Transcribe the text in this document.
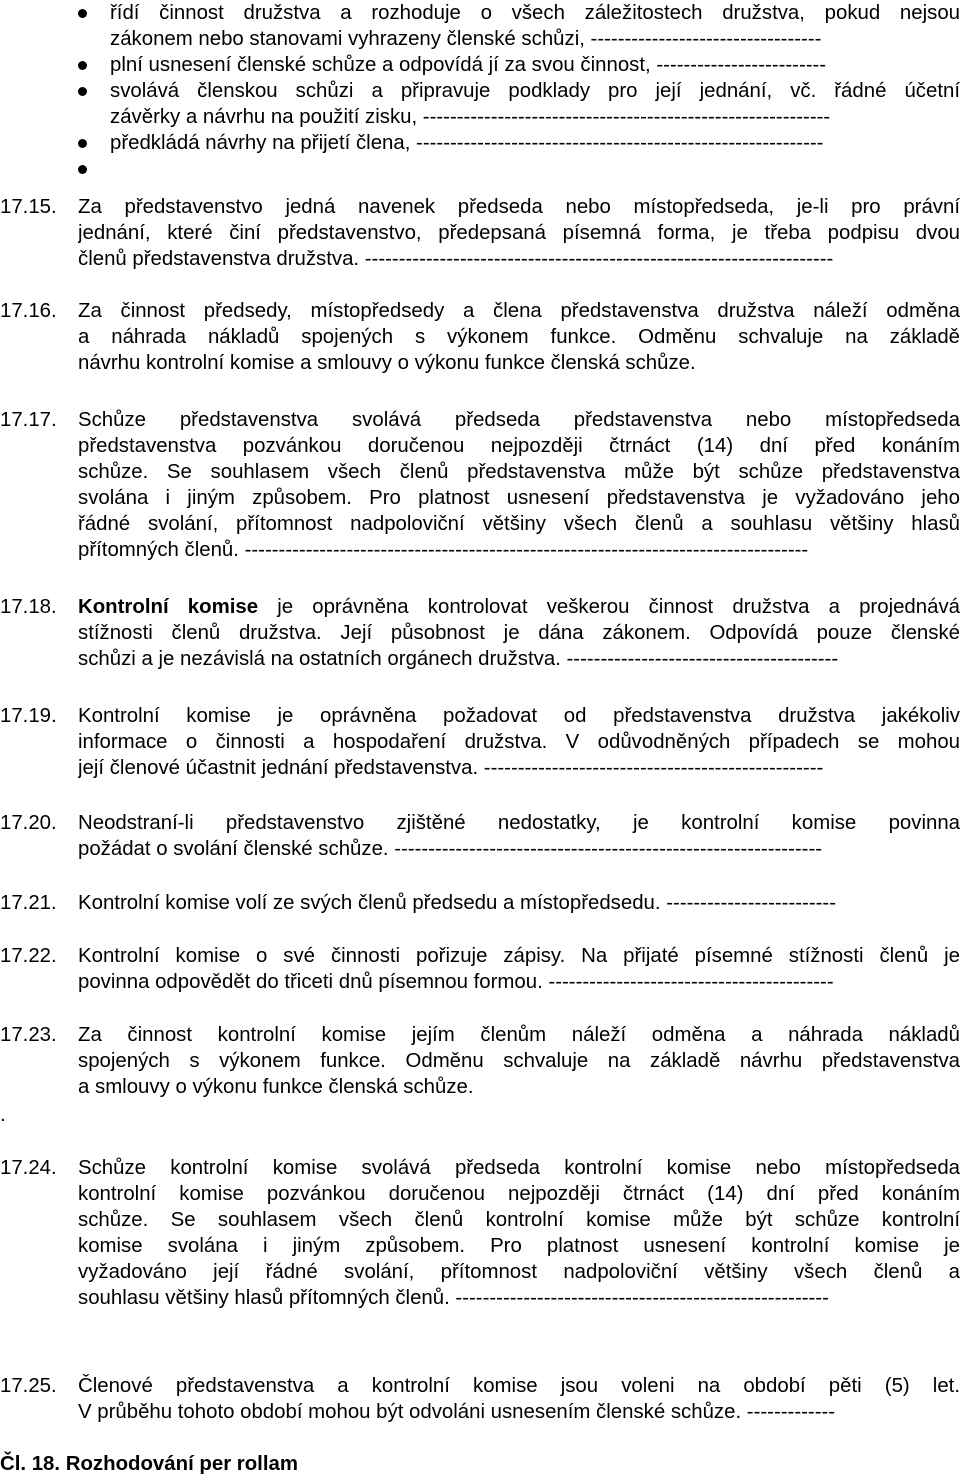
řídí činnost družstva a rozhoduje o všech záležitostech družstva, pokud nejsou
zákonem nebo stanovami vyhrazeny členské schůzi, ----------------------------------
plní usnesení členské schůze a odpovídá jí za svou činnost, -------------------------
svolává členskou schůzi a připravuje podklady pro její jednání, vč. řádné účetní
závěrky a návrhu na použití zisku, ------------------------------------------------------------
předkládá návrhy na přijetí člena, ------------------------------------------------------------
17.15. Za představenstvo jedná navenek předseda nebo místopředseda, je-li pro právní
jednání, které činí představenstvo, předepsaná písemná forma, je třeba podpisu dvou
členů představenstva družstva. ---------------------------------------------------------------------
17.16. Za činnost předsedy, místopředsedy a člena představenstva družstva náleží odměna
a náhrada nákladů spojených s výkonem funkce. Odměnu schvaluje na základě
návrhu kontrolní komise a smlouvy o výkonu funkce členská schůze.
17.17. Schůze představenstva svolává předseda představenstva nebo místopředseda
představenstva pozvánkou doručenou nejpozději čtrnáct (14) dní před konáním
schůze. Se souhlasem všech členů představenstva může být schůze představenstva
svolána i jiným způsobem. Pro platnost usnesení představenstva je vyžadováno jeho
řádné svolání, přítomnost nadpoloviční většiny všech členů a souhlasu většiny hlasů
přítomných členů. -----------------------------------------------------------------------------------
17.18. Kontrolní komise je oprávněna kontrolovat veškerou činnost družstva a projednává
stížnosti členů družstva. Její působnost je dána zákonem. Odpovídá pouze členské
schůzi a je nezávislá na ostatních orgánech družstva. ----------------------------------------
17.19. Kontrolní komise je oprávněna požadovat od představenstva družstva jakékoliv
informace o činnosti a hospodaření družstva. V odůvodněných případech se mohou
její členové účastnit jednání představenstva. --------------------------------------------------
17.20. Neodstraní-li představenstvo zjištěné nedostatky, je kontrolní komise povinna
požádat o svolání členské schůze. ---------------------------------------------------------------
17.21. Kontrolní komise volí ze svých členů předsedu a místopředsedu. -------------------------
17.22. Kontrolní komise o své činnosti pořizuje zápisy. Na přijaté písemné stížnosti členů je
povinna odpovědět do třiceti dnů písemnou formou. ------------------------------------------
17.23. Za činnost kontrolní komise jejím členům náleží odměna a náhrada nákladů
spojených s výkonem funkce. Odměnu schvaluje na základě návrhu představenstva
a smlouvy o výkonu funkce členská schůze.
.
17.24. Schůze kontrolní komise svolává předseda kontrolní komise nebo místopředseda
kontrolní komise pozvánkou doručenou nejpozději čtrnáct (14) dní před konáním
schůze. Se souhlasem všech členů kontrolní komise může být schůze kontrolní
komise svolána i jiným způsobem. Pro platnost usnesení kontrolní komise je
vyžadováno její řádné svolání, přítomnost nadpoloviční většiny všech členů a
souhlasu většiny hlasů přítomných členů. -------------------------------------------------------
17.25. Členové představenstva a kontrolní komise jsou voleni na období pěti (5) let.
V průběhu tohoto období mohou být odvoláni usnesením členské schůze. -------------
Čl. 18. Rozhodování per rollam
